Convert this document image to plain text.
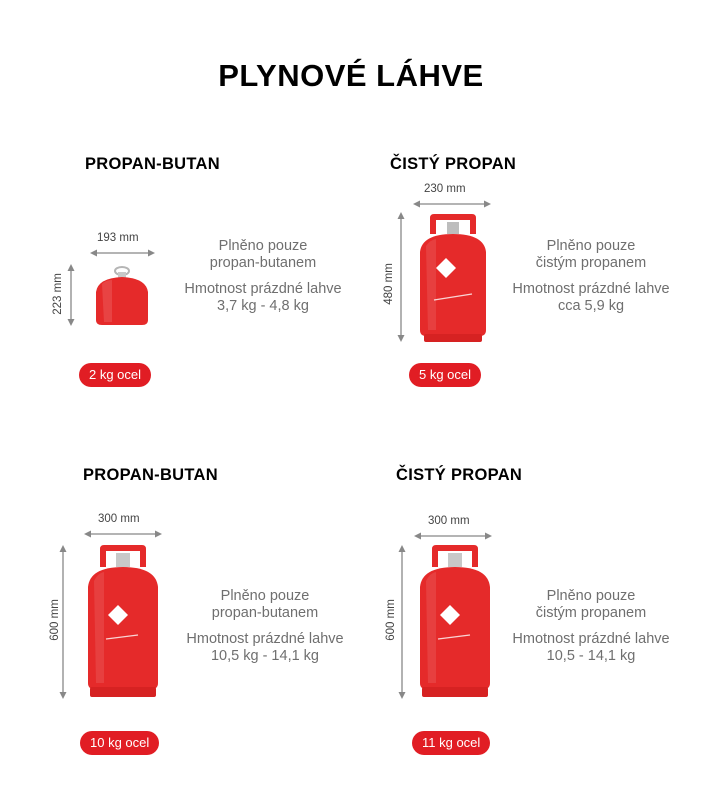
PLYNOVÉ LÁHVE
PROPAN-BUTAN
193 mm
223 mm
Plněno pouze
propan-butanem
Hmotnost prázdné lahve
3,7 kg - 4,8 kg
2 kg ocel
ČISTÝ PROPAN
230 mm
480 mm
Plněno pouze
čistým propanem
Hmotnost prázdné lahve
cca 5,9 kg
5 kg ocel
PROPAN-BUTAN
300 mm
600 mm
Plněno pouze
propan-butanem
Hmotnost prázdné lahve
10,5 kg - 14,1 kg
10 kg ocel
ČISTÝ PROPAN
300 mm
600 mm
Plněno pouze
čistým propanem
Hmotnost prázdné lahve
10,5 - 14,1 kg
11 kg ocel
